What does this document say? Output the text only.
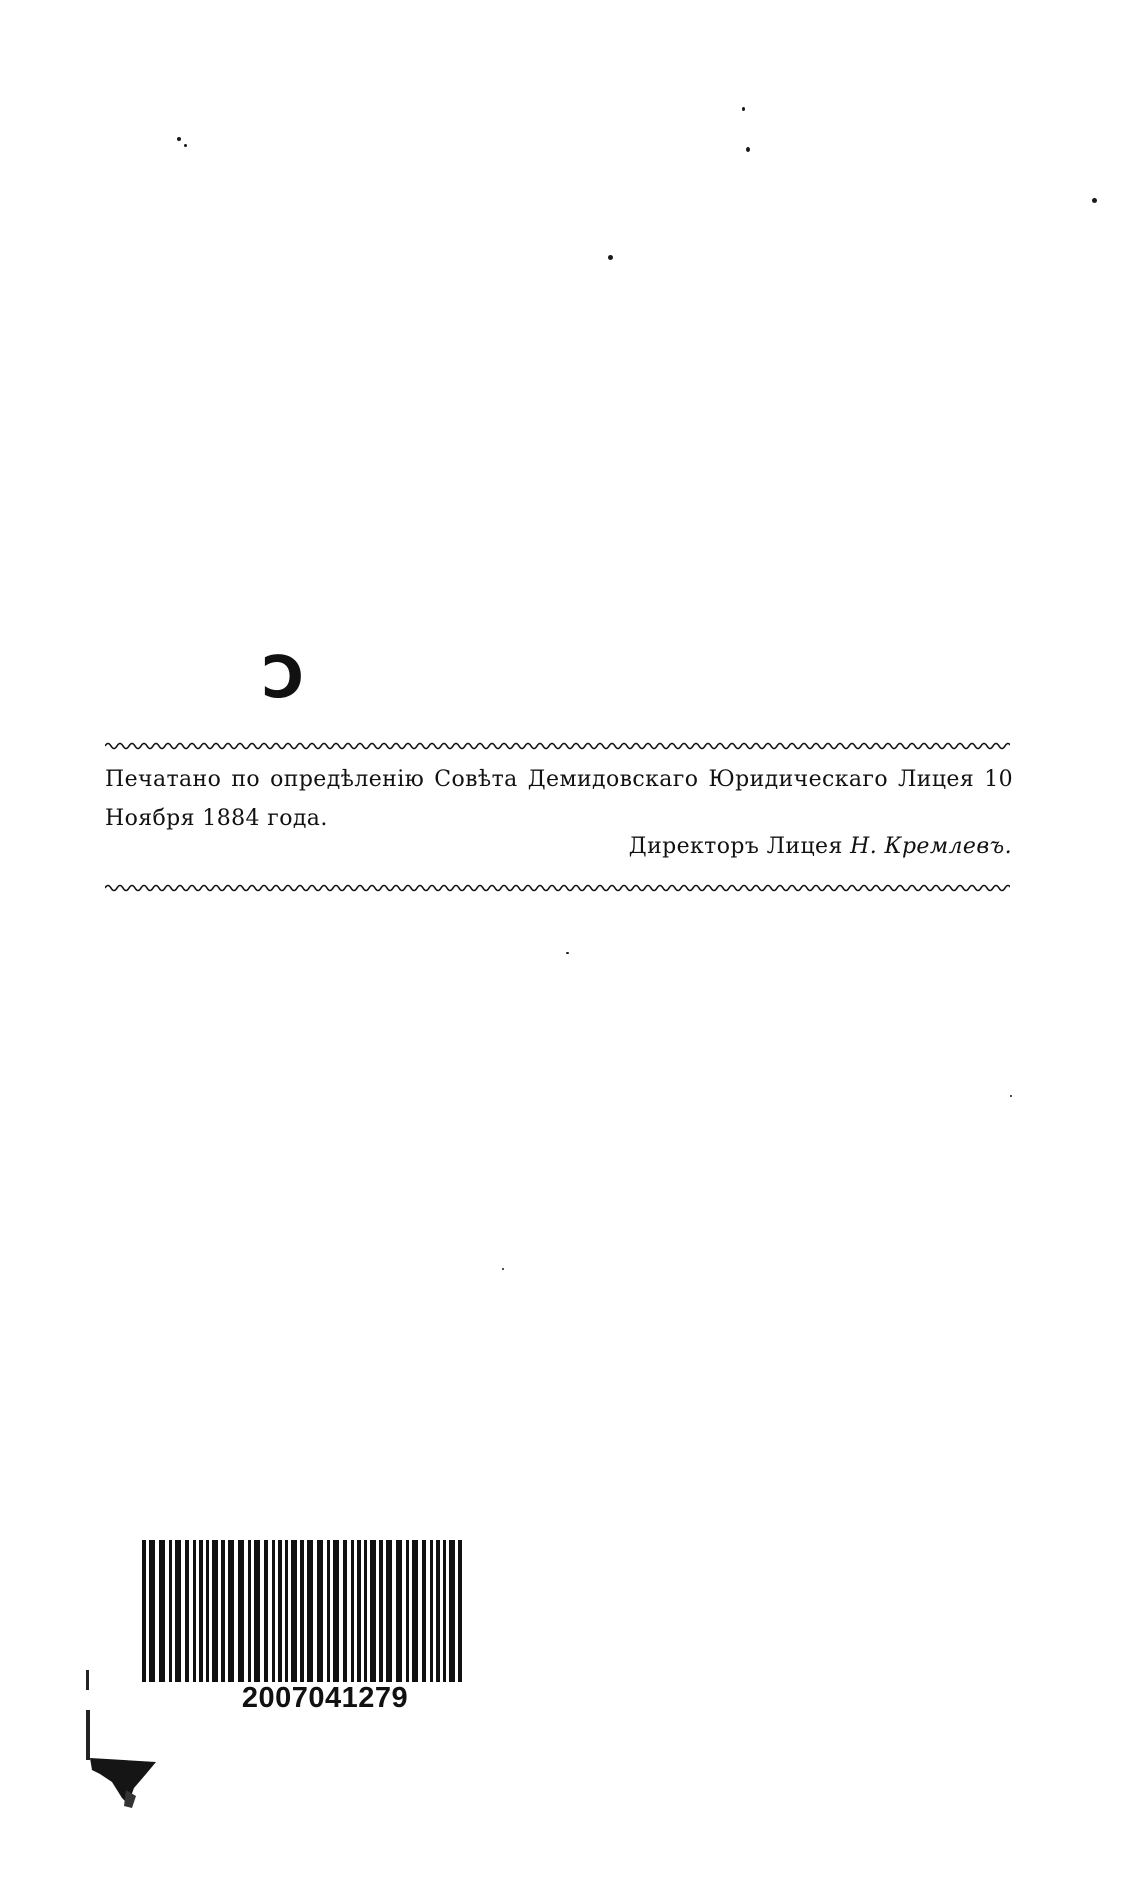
Ɔ
Печатано по опредѣленію Совѣта Демидовскаго Юридическаго Лицея 10 Ноября 1884 года.
Директоръ Лицея Н. Кремлевъ.
2007041279
